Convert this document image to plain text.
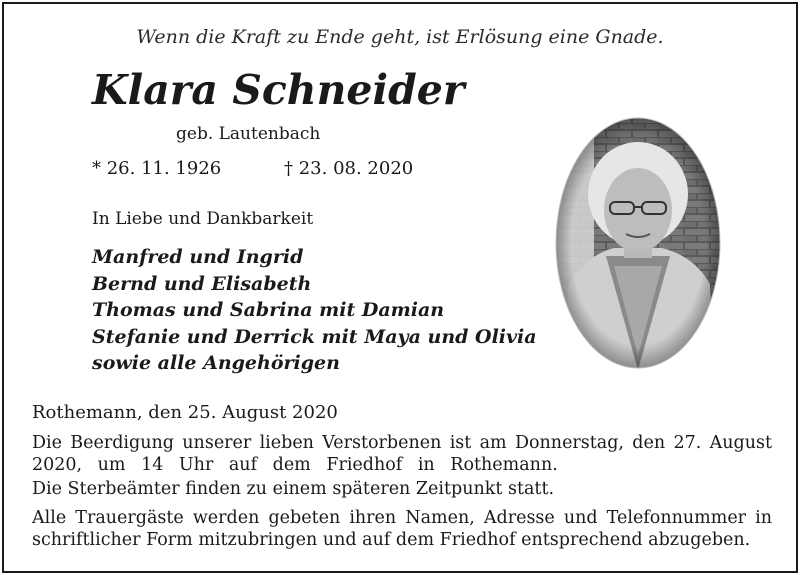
Wenn die Kraft zu Ende geht, ist Erlösung eine Gnade.
Klara Schneider
geb. Lautenbach
* 26. 11. 1926	† 23. 08. 2020
In Liebe und Dankbarkeit
Manfred und Ingrid
Bernd und Elisabeth
Thomas und Sabrina mit Damian
Stefanie und Derrick mit Maya und Olivia
sowie alle Angehörigen
Rothemann, den 25. August 2020
Die Beerdigung unserer lieben Verstorbenen ist am Donnerstag, den 27. August
2020, um 14 Uhr auf dem Friedhof in Rothemann.
Die Sterbeämter finden zu einem späteren Zeitpunkt statt.
Alle Trauergäste werden gebeten ihren Namen, Adresse und Telefonnummer in
schriftlicher Form mitzubringen und auf dem Friedhof entsprechend abzugeben.
